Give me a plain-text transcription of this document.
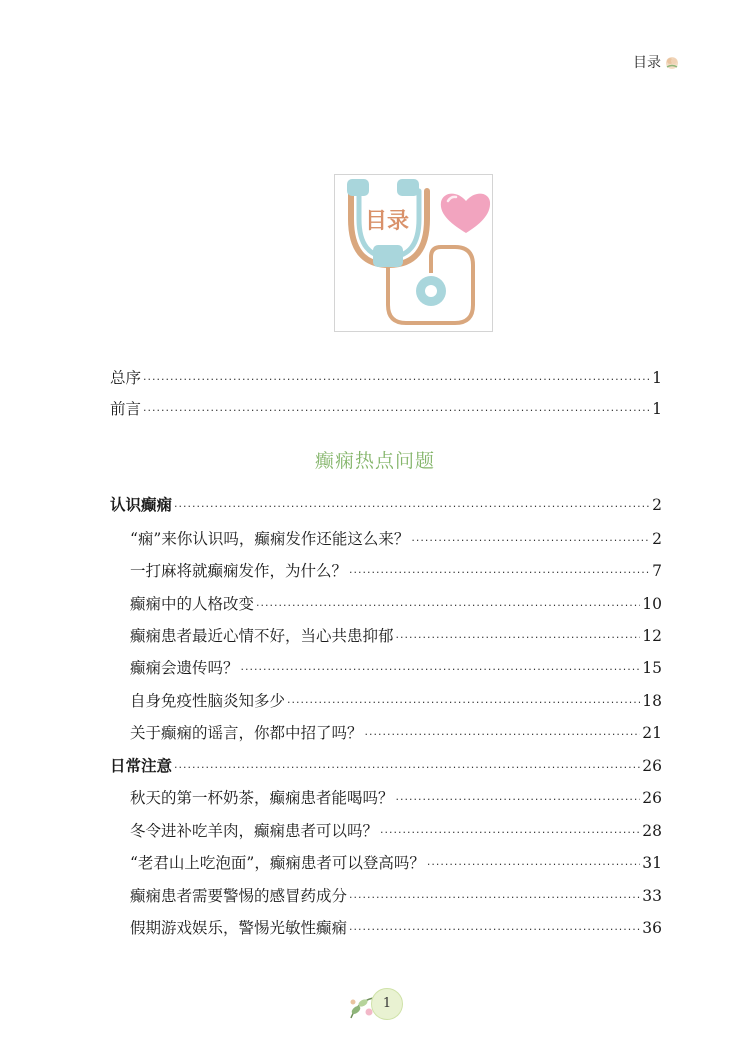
目录
目录
总序 ·····	1
前言 ·····	1
认识癫痫 ·····	2
“痫”来你认识吗，癫痫发作还能这么来？ ·····	2
一打麻将就癫痫发作，为什么？ ·····	7
癫痫中的人格改变 ·····	10
癫痫患者最近心情不好，当心共患抑郁 ·····	12
癫痫会遗传吗？ ·····	15
自身免疫性脑炎知多少 ·····	18
关于癫痫的谣言，你都中招了吗？ ·····	21
日常注意 ·····	26
秋天的第一杯奶茶，癫痫患者能喝吗？ ·····	26
冬令进补吃羊肉，癫痫患者可以吗？ ·····	28
“老君山上吃泡面”，癫痫患者可以登高吗？ ·····	31
癫痫患者需要警惕的感冒药成分 ·····	33
假期游戏娱乐，警惕光敏性癫痫 ·····	36
癫痫热点问题
1
